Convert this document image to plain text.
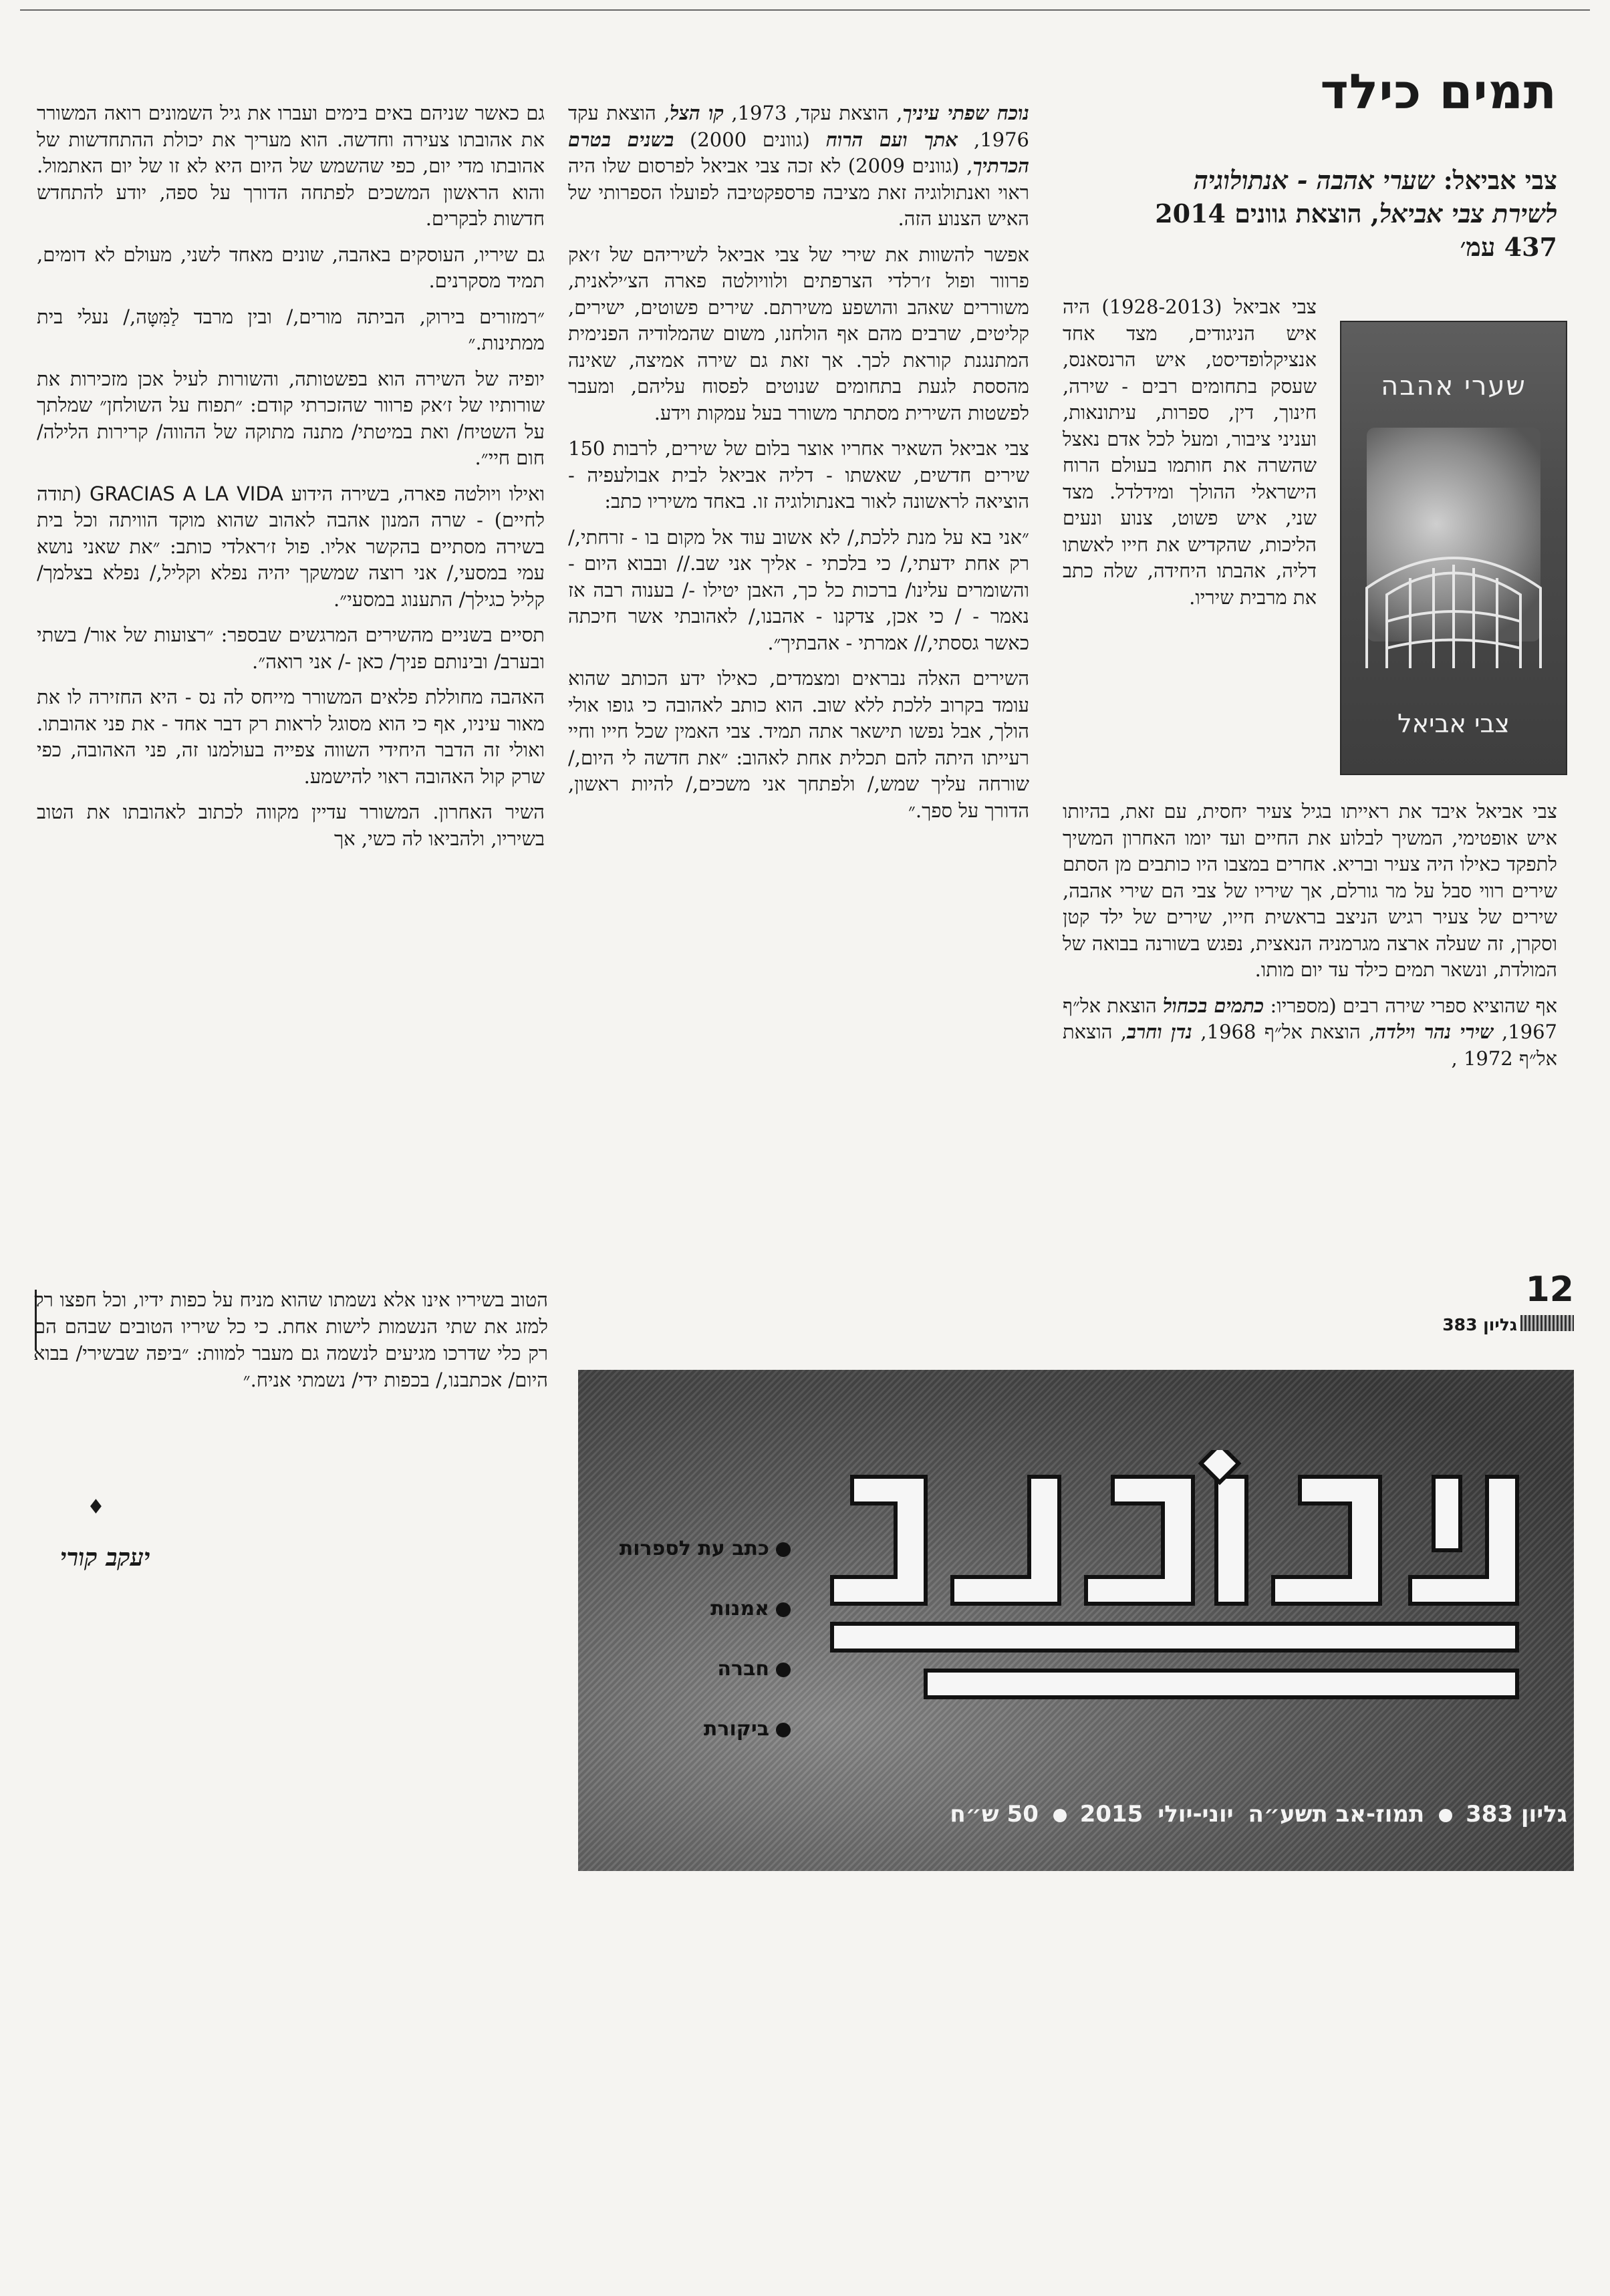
תמים כילד
צבי אביאל: שערי אהבה - אנתולוגיה
לשירת צבי אביאל, הוצאת גוונים 2014
437 עמ׳
שערי אהבה
צבי אביאל

צבי אביאל (1928-2013) היה איש הניגודים, מצד אחד אנציקלופדיסט, איש הרנסאנס, שעסק בתחומים רבים - שירה, חינוך, דין, ספרות, עיתונאות, ועניני ציבור, ומעל לכל אדם נאצל שהשרה את חותמו בעולם הרוח הישראלי ההולך ומידלדל. מצד שני, איש פשוט, צנוע ונעים הליכות, שהקדיש את חייו לאשתו דליה, אהבתו היחידה, שלה כתב את מרבית שיריו.

צבי אביאל איבד את ראייתו בגיל צעיר יחסית, עם זאת, בהיותו איש אופטימי, המשיך לבלוע את החיים ועד יומו האחרון המשיך לתפקד כאילו היה צעיר ובריא. אחרים במצבו היו כותבים מן הסתם שירים רווי סבל על מר גורלם, אך שיריו של צבי הם שירי אהבה, שירים של צעיר רגיש הניצב בראשית חייו, שירים של ילד קטן וסקרן, זה שעלה ארצה מגרמניה הנאצית, נפגש בשורנה בבואה של המולדת, ונשאר תמים כילד עד יום מותו.

אף שהוציא ספרי שירה רבים (מספריו: כתמים בכחול הוצאת אל״ף 1967, שירי נהר וילדה, הוצאת אל״ף 1968, נדן וחרב, הוצאת אל״ף 1972 ,

נוכח שפתי עיניך, הוצאת עקד, 1973, קו הצל, הוצאת עקד 1976, אתך ועם הרוח (גוונים 2000) בשנים בטרם הכרתיך, (גוונים 2009) לא זכה צבי אביאל לפרסום שלו היה ראוי ואנתולוגיה זאת מציבה פרספקטיבה לפועלו הספרותי של האיש הצנוע הזה.

אפשר להשוות את שירי של צבי אביאל לשיריהם של ז׳אק פרוור ופול ז׳רלדי הצרפתים ולוויולטה פארה הצ׳ילאנית, משוררים שאהב והושפע משירתם. שירים פשוטים, ישירים, קליטים, שרבים מהם אף הולחנו, משום שהמלודיה הפנימית המתנגנת קוראת לכך. אך זאת גם שירה אמיצה, שאינה מהססת לגעת בתחומים שנוטים לפסוח עליהם, ומעבר לפשטות השירית מסתתר משורר בעל עמקות וידע.

צבי אביאל השאיר אחריו אוצר בלום של שירים, לרבות 150 שירים חדשים, שאשתו - דליה אביאל לבית אבולעפיה - הוציאה לראשונה לאור באנתולוגיה זו. באחד משיריו כתב:

״אני בא על מנת ללכת,/ לא אשוב עוד אל מקום בו - זרחתי,/ רק אחת ידעתי,/ כי בלכתי - אליך אני שב.// ובבוא היום - והשומרים עלינו/ ברכות כל כך, האבן יטילו -/ בענוה רבה אז נאמר - / כי אכן, צדקנו - אהבנו,/ לאהובתי אשר חיכתה כאשר גססתי,// אמרתי - אהבתיך״.

השירים האלה נבראים ומצמדים, כאילו ידע הכותב שהוא עומד בקרוב ללכת ללא שוב. הוא כותב לאהובה כי גופו אולי הולך, אבל נפשו תישאר אתה תמיד. צבי האמין שכל חייו וחיי רעייתו היתה להם תכלית אחת לאהוב: ״את חדשה לי היום,/ שורחה עליך שמש,/ ולפתחך אני משכים,/ להיות ראשון, הדורך על ספך.״

גם כאשר שניהם באים בימים ועברו את גיל השמונים רואה המשורר את אהובתו צעירה וחדשה. הוא מעריך את יכולת ההתחדשות של אהובתו מדי יום, כפי שהשמש של היום היא לא זו של יום האתמול. והוא הראשון המשכים לפתחה הדורך על ספה, יודע להתחדש חדשות לבקרים.

גם שיריו, העוסקים באהבה, שונים מאחד לשני, מעולם לא דומים, תמיד מסקרנים.

״רמזורים בירוק, הביתה מורים,/ ובין מרבד לַמִּטָּה,/ נעלי בית ממתינות.״

יופיה של השירה הוא בפשטותה, והשורות לעיל אכן מזכירות את שורותיו של ז׳אק פרוור שהזכרתי קודם: ״תפוח על השולחן״ שמלתך על השטיח/ ואת במיטתי/ מתנה מתוקה של ההווה/ קרירות הלילה/ חום חיי״.

ואילו ויולטה פארה, בשירה הידוע GRACIAS A LA VIDA (תודה לחיים) - שרה המנון אהבה לאהוב שהוא מוקד הוויתה וכל בית בשירה מסתיים בהקשר אליו. פול ז׳ראלדי כותב: ״את שאני נושא עמי במסעי,/ אני רוצה שמשקך יהיה נפלא וקליל,/ נפלא בצלמך/ קליל כגילך/ התענוג במסעי״.

תסיים בשניים מהשירים המרגשים שבספר: ״רצועות של אור/ בשתי ובערב/ ובינותם פניך/ כאן -/ אני רואה״.

האהבה מחוללת פלאים המשורר מייחס לה נס - היא החזירה לו את מאור עיניו, אף כי הוא מסוגל לראות רק דבר אחד - את פני אהובתו. ואולי זה הדבר היחידי השווה צפייה בעולמנו זה, פני האהובה, כפי שרק קול האהובה ראוי להישמע.

השיר האחרון. המשורר עדיין מקווה לכתוב לאהובתו את הטוב בשיריו, ולהביאו לה כשי, אך

הטוב בשיריו אינו אלא נשמתו שהוא מניח על כפות ידיו, וכל חפצו רק למזג את שתי הנשמות לישות אחת. כי כל שיריו הטובים שבהם הם רק כלי שדרכו מגיעים לנשמה גם מעבר למוות: ״ביפה שבשירי/ בבוא היום/ אכתבנו,/ בכפות ידי/ נשמתי אניח.״

♦
יעקב קורי
12
גליון 383
כתב עת לספרות
אמנות
חברה
ביקורת
גליון 383 תמוז-אב תשע״ה יוני-יולי 2015 50 ש״ח
